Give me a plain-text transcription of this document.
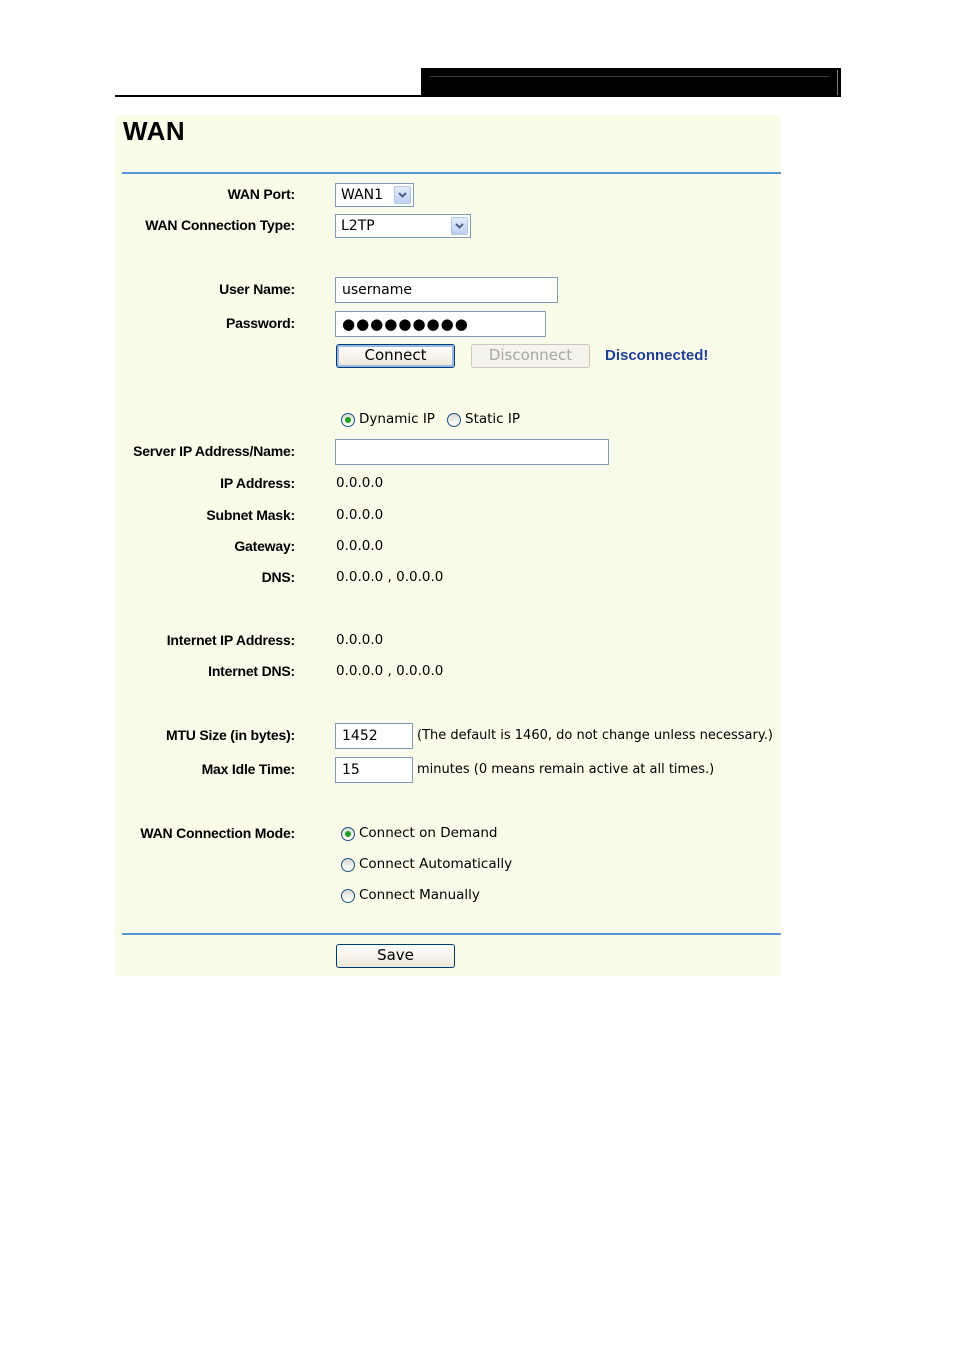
WAN
WAN Port:	WAN1
WAN Connection Type:	L2TP
User Name:	username
Password:	●●●●●●●●●
Connect	Disconnect	Disconnected!
Dynamic IP Static IP
Server IP Address/Name:
IP Address:	0.0.0.0
Subnet Mask:	0.0.0.0
Gateway:	0.0.0.0
DNS:	0.0.0.0 , 0.0.0.0
Internet IP Address:	0.0.0.0
Internet DNS:	0.0.0.0 , 0.0.0.0
MTU Size (in bytes):	1452	(The default is 1460, do not change unless necessary.)
Max Idle Time:	15	minutes (0 means remain active at all times.)
WAN Connection Mode:	Connect on Demand
Connect Automatically
Connect Manually
Save
